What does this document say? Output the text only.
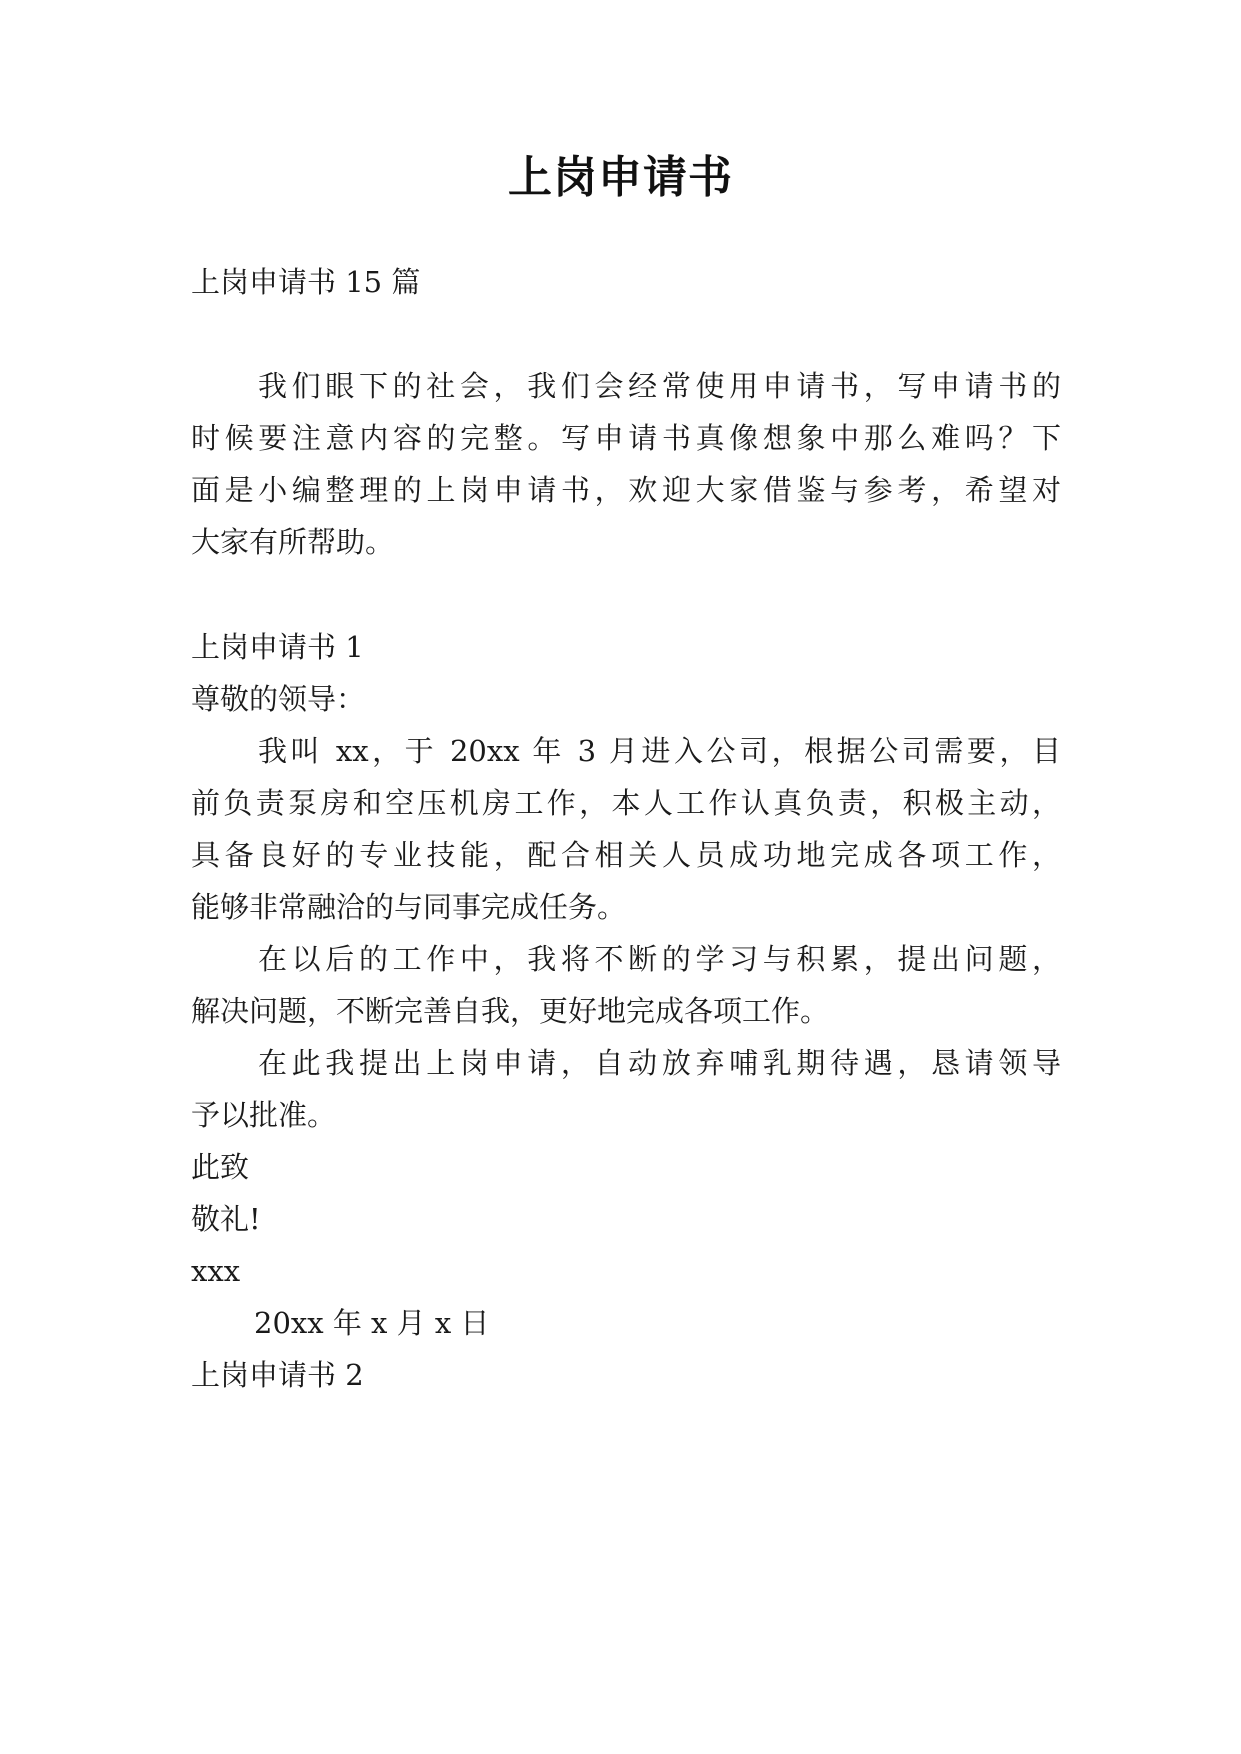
上岗申请书
上岗申请书 15 篇
我们眼下的社会，我们会经常使用申请书，写申请书的
时候要注意内容的完整。写申请书真像想象中那么难吗？下
面是小编整理的上岗申请书，欢迎大家借鉴与参考，希望对
大家有所帮助。
上岗申请书 1
尊敬的领导：
我叫 xx，于 20xx 年 3 月进入公司，根据公司需要，目
前负责泵房和空压机房工作，本人工作认真负责，积极主动，
具备良好的专业技能，配合相关人员成功地完成各项工作，
能够非常融洽的与同事完成任务。
在以后的工作中，我将不断的学习与积累，提出问题，
解决问题，不断完善自我，更好地完成各项工作。
在此我提出上岗申请，自动放弃哺乳期待遇，恳请领导
予以批准。
此致
敬礼!
xxx
20xx 年 x 月 x 日
上岗申请书 2
